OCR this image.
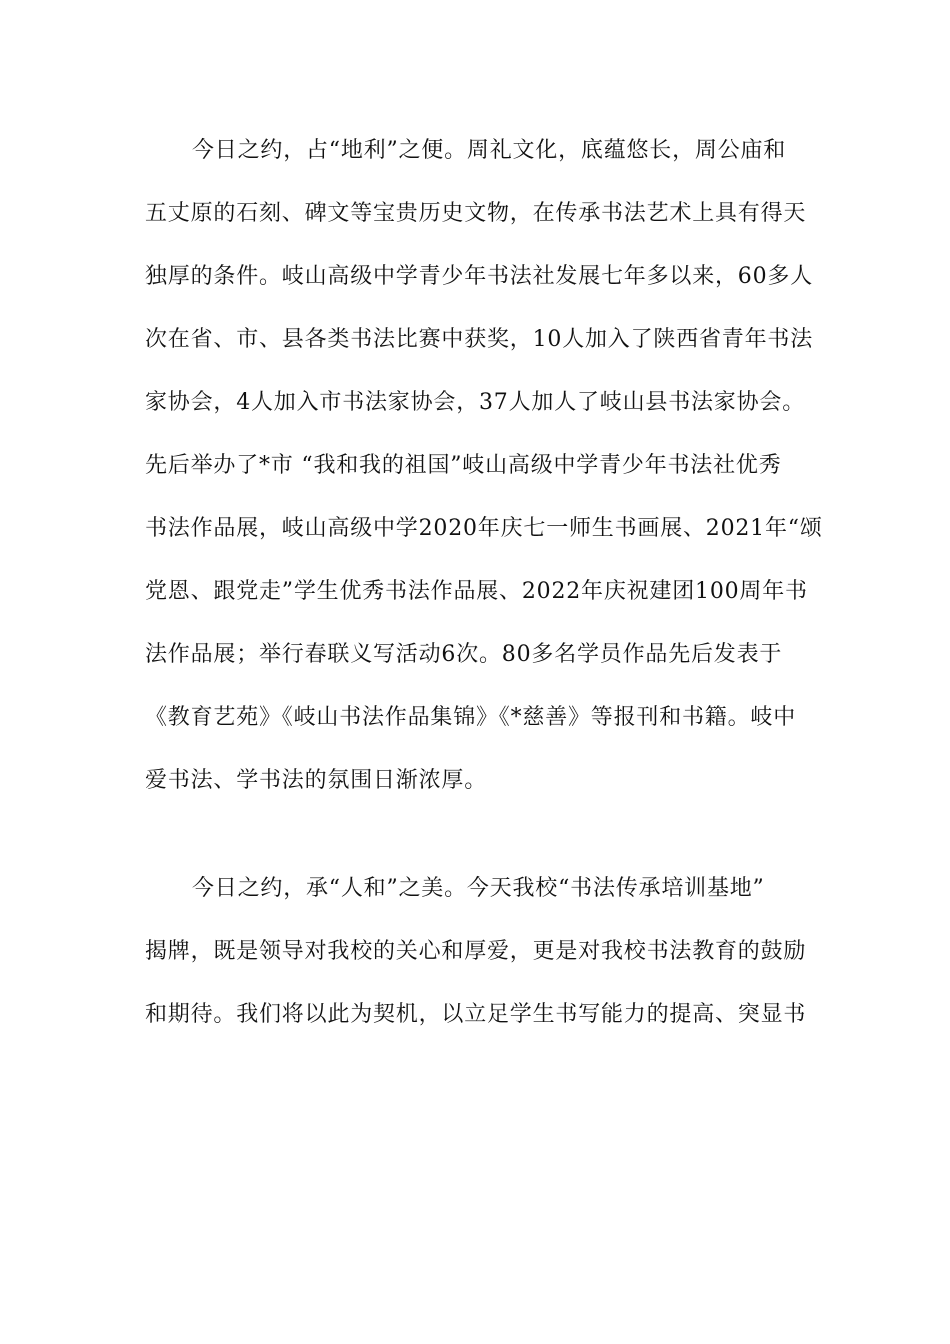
今日之约，占“地利”之便。周礼文化，底蕴悠长，周公庙和
五丈原的石刻、碑文等宝贵历史文物，在传承书法艺术上具有得天
独厚的条件。岐山高级中学青少年书法社发展七年多以来，60多人
次在省、市、县各类书法比赛中获奖，10人加入了陕西省青年书法
家协会，4人加入市书法家协会，37人加人了岐山县书法家协会。
先后举办了*市 “我和我的祖国”岐山高级中学青少年书法社优秀
书法作品展，岐山高级中学2020年庆七一师生书画展、2021年“颂
党恩、跟党走”学生优秀书法作品展、2022年庆祝建团100周年书
法作品展；举行春联义写活动6次。80多名学员作品先后发表于
《教育艺苑》《岐山书法作品集锦》《*慈善》等报刊和书籍。岐中
爱书法、学书法的氛围日渐浓厚。
今日之约，承“人和”之美。今天我校“书法传承培训基地”
揭牌，既是领导对我校的关心和厚爱，更是对我校书法教育的鼓励
和期待。我们将以此为契机，以立足学生书写能力的提高、突显书
